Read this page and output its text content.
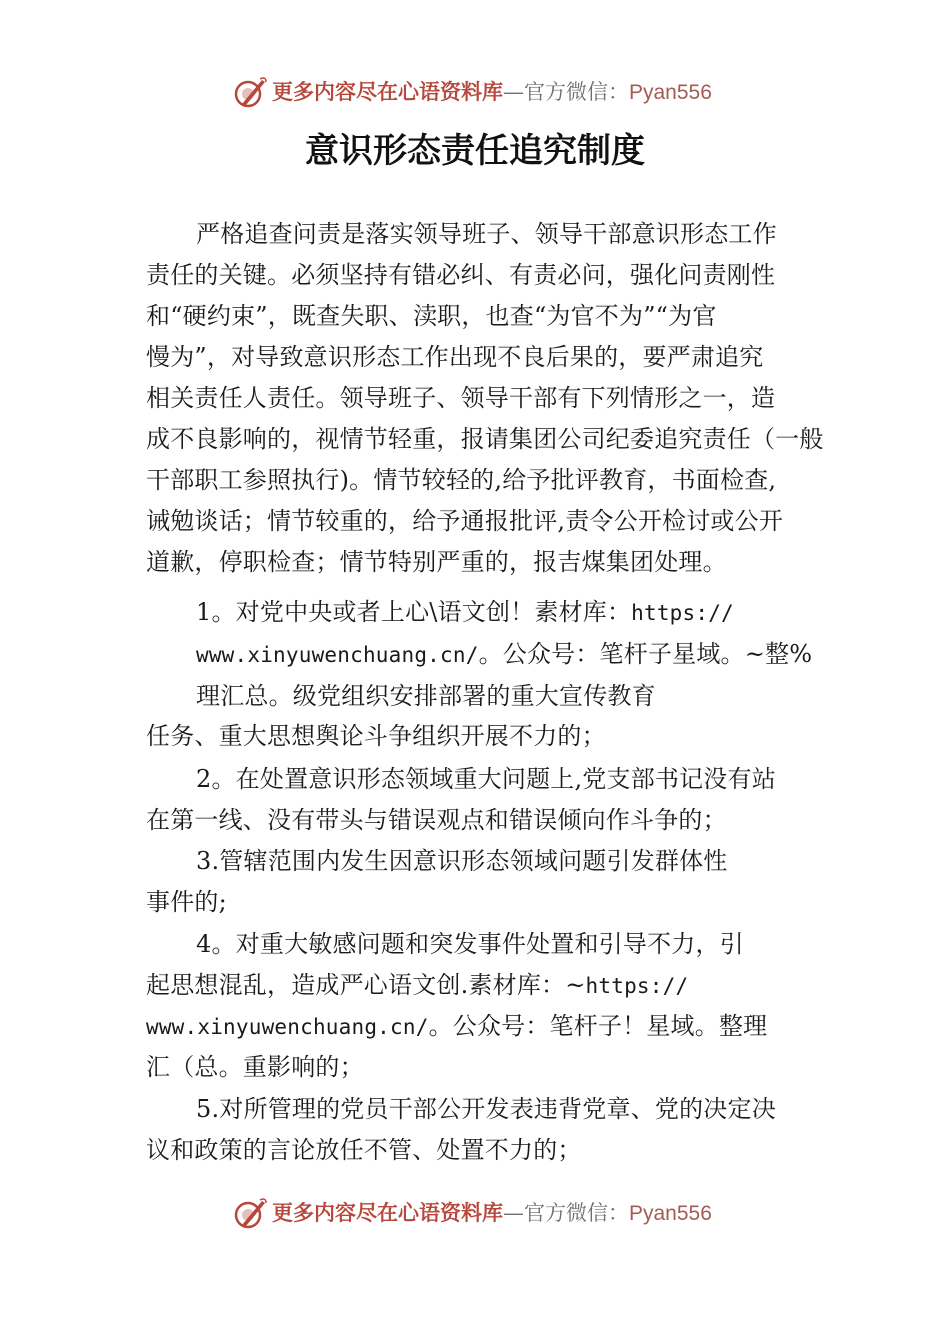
更多内容尽在心语资料库—官方微信：Pyan556
意识形态责任追究制度
严格追查问责是落实领导班子、领导干部意识形态工作
责任的关键。必须坚持有错必纠、有责必问，强化问责刚性
和“硬约束”，既查失职、渎职，也查“为官不为”“为官
慢为”，对导致意识形态工作出现不良后果的，要严肃追究
相关责任人责任。领导班子、领导干部有下列情形之一，造
成不良影响的，视情节轻重，报请集团公司纪委追究责任（一般
干部职工参照执行)。情节较轻的,给予批评教育，书面检查,
诫勉谈话；情节较重的，给予通报批评,责令公开检讨或公开
道歉，停职检查；情节特别严重的，报吉煤集团处理。
1。对党中央或者上心\语文创！素材库：https://
www.xinyuwenchuang.cn/。公众号：笔杆子星域。~整%
理汇总。级党组织安排部署的重大宣传教育
任务、重大思想舆论斗争组织开展不力的；
2。在处置意识形态领域重大问题上,党支部书记没有站
在第一线、没有带头与错误观点和错误倾向作斗争的；
3.管辖范围内发生因意识形态领域问题引发群体性
事件的;
4。对重大敏感问题和突发事件处置和引导不力，引
起思想混乱，造成严心语文创.素材库：~https://
www.xinyuwenchuang.cn/。公众号：笔杆子！星域。整理
汇（总。重影响的；
5.对所管理的党员干部公开发表违背党章、党的决定决
议和政策的言论放任不管、处置不力的；
更多内容尽在心语资料库—官方微信：Pyan556
